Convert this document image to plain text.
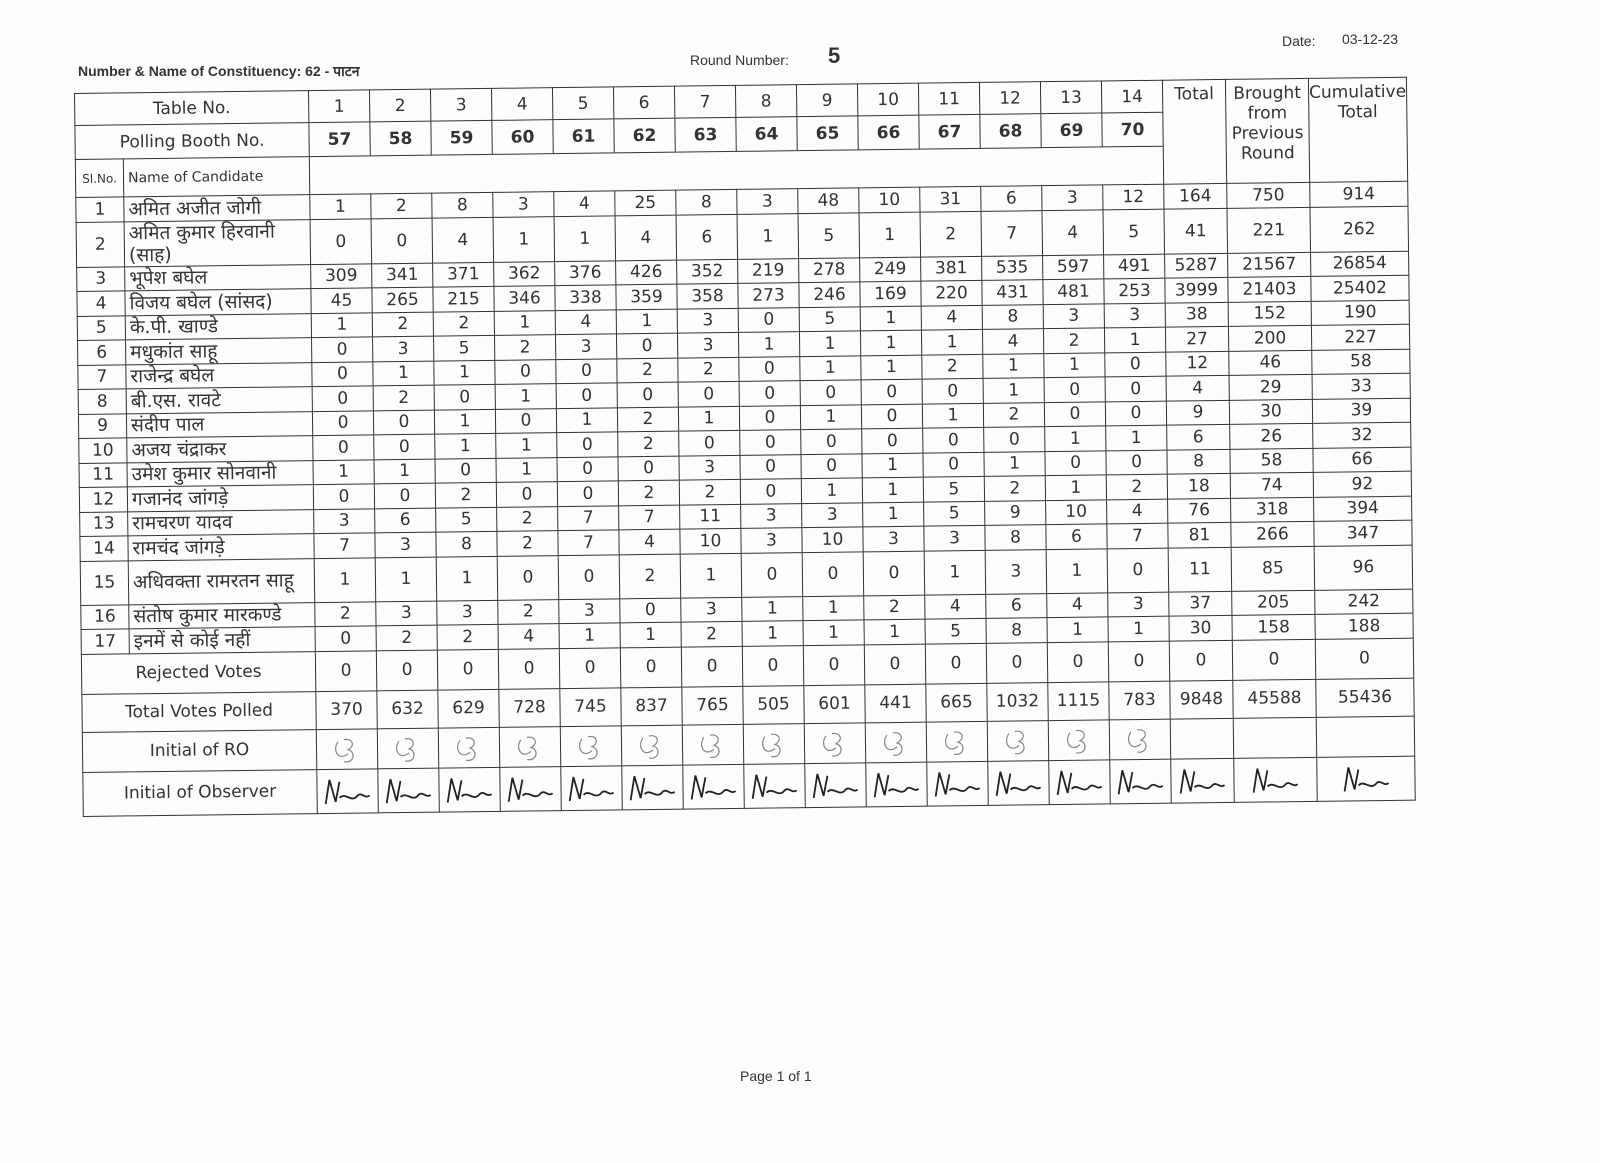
Number & Name of Constituency: 62 - पाटन
Round Number: 5
Date: 03-12-23
Table No.		1	2	3	4	5	6	7	8	9	10	11	12	13	14	Total	Brought from Previous Round	Cumulative Total
Polling Booth No.		57	58	59	60	61	62	63	64	65	66	67	68	69	70			
Sl.No.	Name of Candidate																	
1	अमित अजीत जोगी	1	2	8	3	4	25	8	3	48	10	31	6	3	12	164	750	914
2	अमित कुमार हिरवानी (साह)	0	0	4	1	1	4	6	1	5	1	2	7	4	5	41	221	262
3	भूपेश बघेल	309	341	371	362	376	426	352	219	278	249	381	535	597	491	5287	21567	26854
4	विजय बघेल (सांसद)	45	265	215	346	338	359	358	273	246	169	220	431	481	253	3999	21403	25402
5	के.पी. खाण्डे	1	2	2	1	4	1	3	0	5	1	4	8	3	3	38	152	190
6	मधुकांत साहू	0	3	5	2	3	0	3	1	1	1	1	4	2	1	27	200	227
7	राजेन्द्र बघेल	0	1	1	0	0	2	2	0	1	1	2	1	1	0	12	46	58
8	बी.एस. रावटे	0	2	0	1	0	0	0	0	0	0	0	1	0	0	4	29	33
9	संदीप पाल	0	0	1	0	1	2	1	0	1	0	1	2	0	0	9	30	39
10	अजय चंद्राकर	0	0	1	1	0	2	0	0	0	0	0	0	1	1	6	26	32
11	उमेश कुमार सोनवानी	1	1	0	1	0	0	3	0	0	1	0	1	0	0	8	58	66
12	गजानंद जांगड़े	0	0	2	0	0	2	2	0	1	1	5	2	1	2	18	74	92
13	रामचरण यादव	3	6	5	2	7	7	11	3	3	1	5	9	10	4	76	318	394
14	रामचंद जांगड़े	7	3	8	2	7	4	10	3	10	3	3	8	6	7	81	266	347
15	अधिवक्ता रामरतन साहू	1	1	1	0	0	2	1	0	0	0	1	3	1	0	11	85	96
16	संतोष कुमार मारकण्डे	2	3	3	2	3	0	3	1	1	2	4	6	4	3	37	205	242
17	इनमें से कोई नहीं	0	2	2	4	1	1	2	1	1	1	5	8	1	1	30	158	188
Rejected Votes		0	0	0	0	0	0	0	0	0	0	0	0	0	0	0	0	0
Total Votes Polled		370	632	629	728	745	837	765	505	601	441	665	1032	1115	783	9848	45588	55436
Initial of RO	

Initial of Observer	

Page 1 of 1
